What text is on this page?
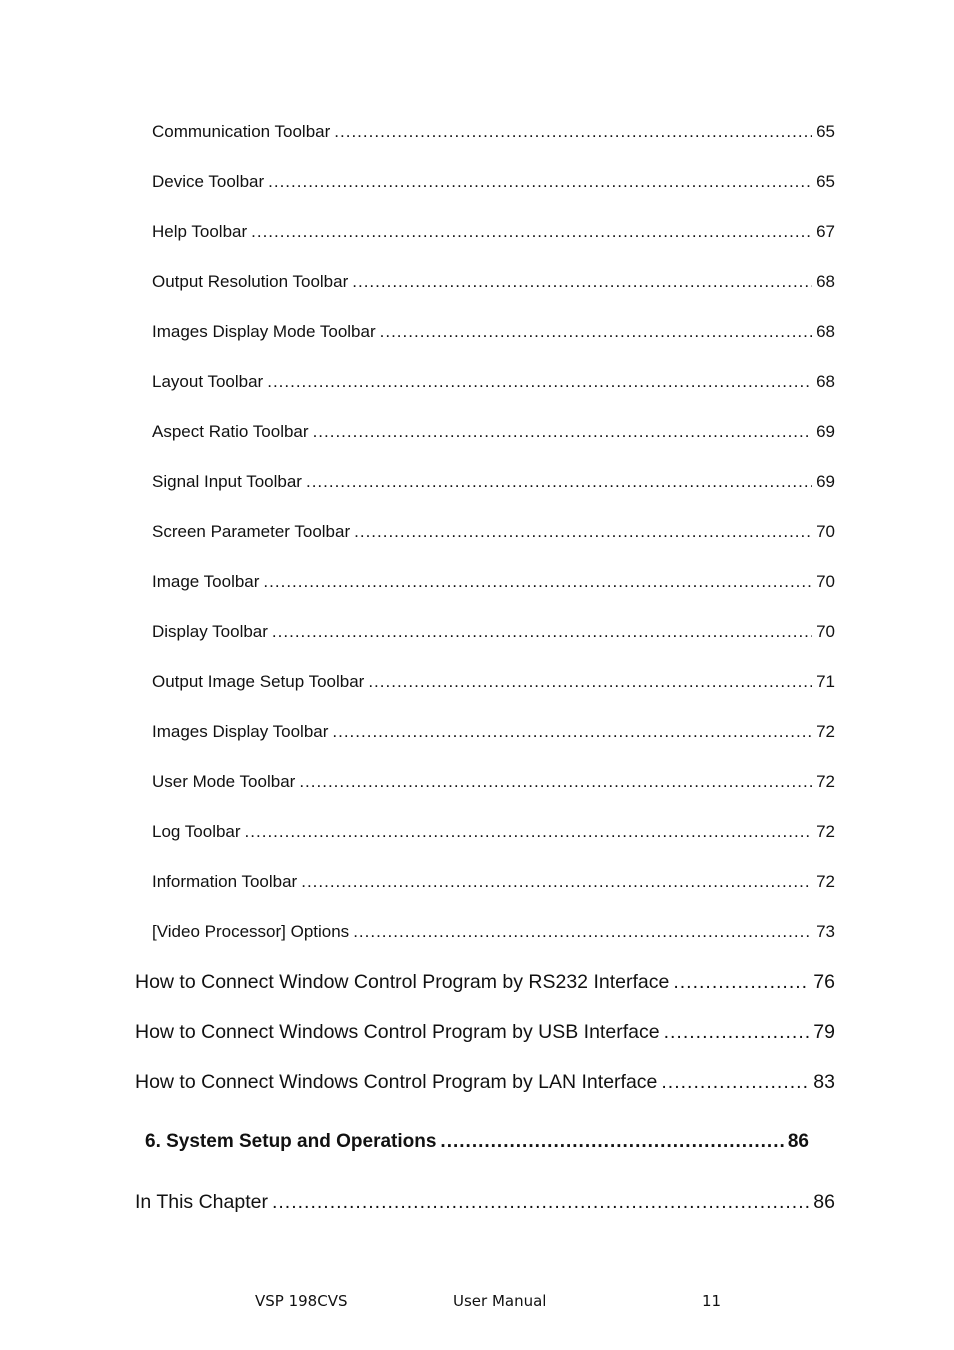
Communication Toolbar .....	65
Device Toolbar .....	65
Help Toolbar .....	67
Output Resolution Toolbar .....	68
Images Display Mode Toolbar .....	68
Layout Toolbar .....	68
Aspect Ratio Toolbar .....	69
Signal Input Toolbar .....	69
Screen Parameter Toolbar .....	70
Image Toolbar .....	70
Display Toolbar .....	70
Output Image Setup Toolbar .....	71
Images Display Toolbar .....	72
User Mode Toolbar .....	72
Log Toolbar .....	72
Information Toolbar .....	72
[Video Processor] Options .....	73
How to Connect Window Control Program by RS232 Interface .....	76
How to Connect Windows Control Program by USB Interface .....	79
How to Connect Windows Control Program by LAN Interface .....	83
6. System Setup and Operations .....	86
In This Chapter .....	86
VSP 198CVS	User Manual	11
